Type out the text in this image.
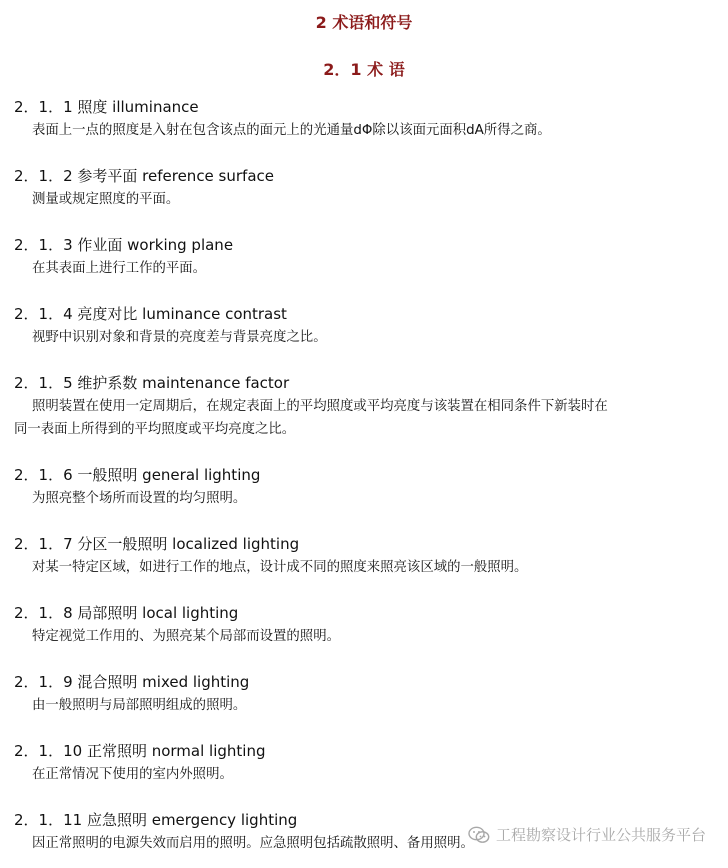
2 术语和符号
2．1 术 语
2．1．1 照度 illuminance
表面上一点的照度是入射在包含该点的面元上的光通量dΦ除以该面元面积dA所得之商。
2．1．2 参考平面 reference surface
测量或规定照度的平面。
2．1．3 作业面 working plane
在其表面上进行工作的平面。
2．1．4 亮度对比 luminance contrast
视野中识别对象和背景的亮度差与背景亮度之比。
2．1．5 维护系数 maintenance factor
照明装置在使用一定周期后，在规定表面上的平均照度或平均亮度与该装置在相同条件下新装时在
同一表面上所得到的平均照度或平均亮度之比。
2．1．6 一般照明 general lighting
为照亮整个场所而设置的均匀照明。
2．1．7 分区一般照明 localized lighting
对某一特定区域，如进行工作的地点，设计成不同的照度来照亮该区域的一般照明。
2．1．8 局部照明 local lighting
特定视觉工作用的、为照亮某个局部而设置的照明。
2．1．9 混合照明 mixed lighting
由一般照明与局部照明组成的照明。
2．1．10 正常照明 normal lighting
在正常情况下使用的室内外照明。
2．1．11 应急照明 emergency lighting
因正常照明的电源失效而启用的照明。应急照明包括疏散照明、备用照明。	工程勘察设计行业公共服务平台
